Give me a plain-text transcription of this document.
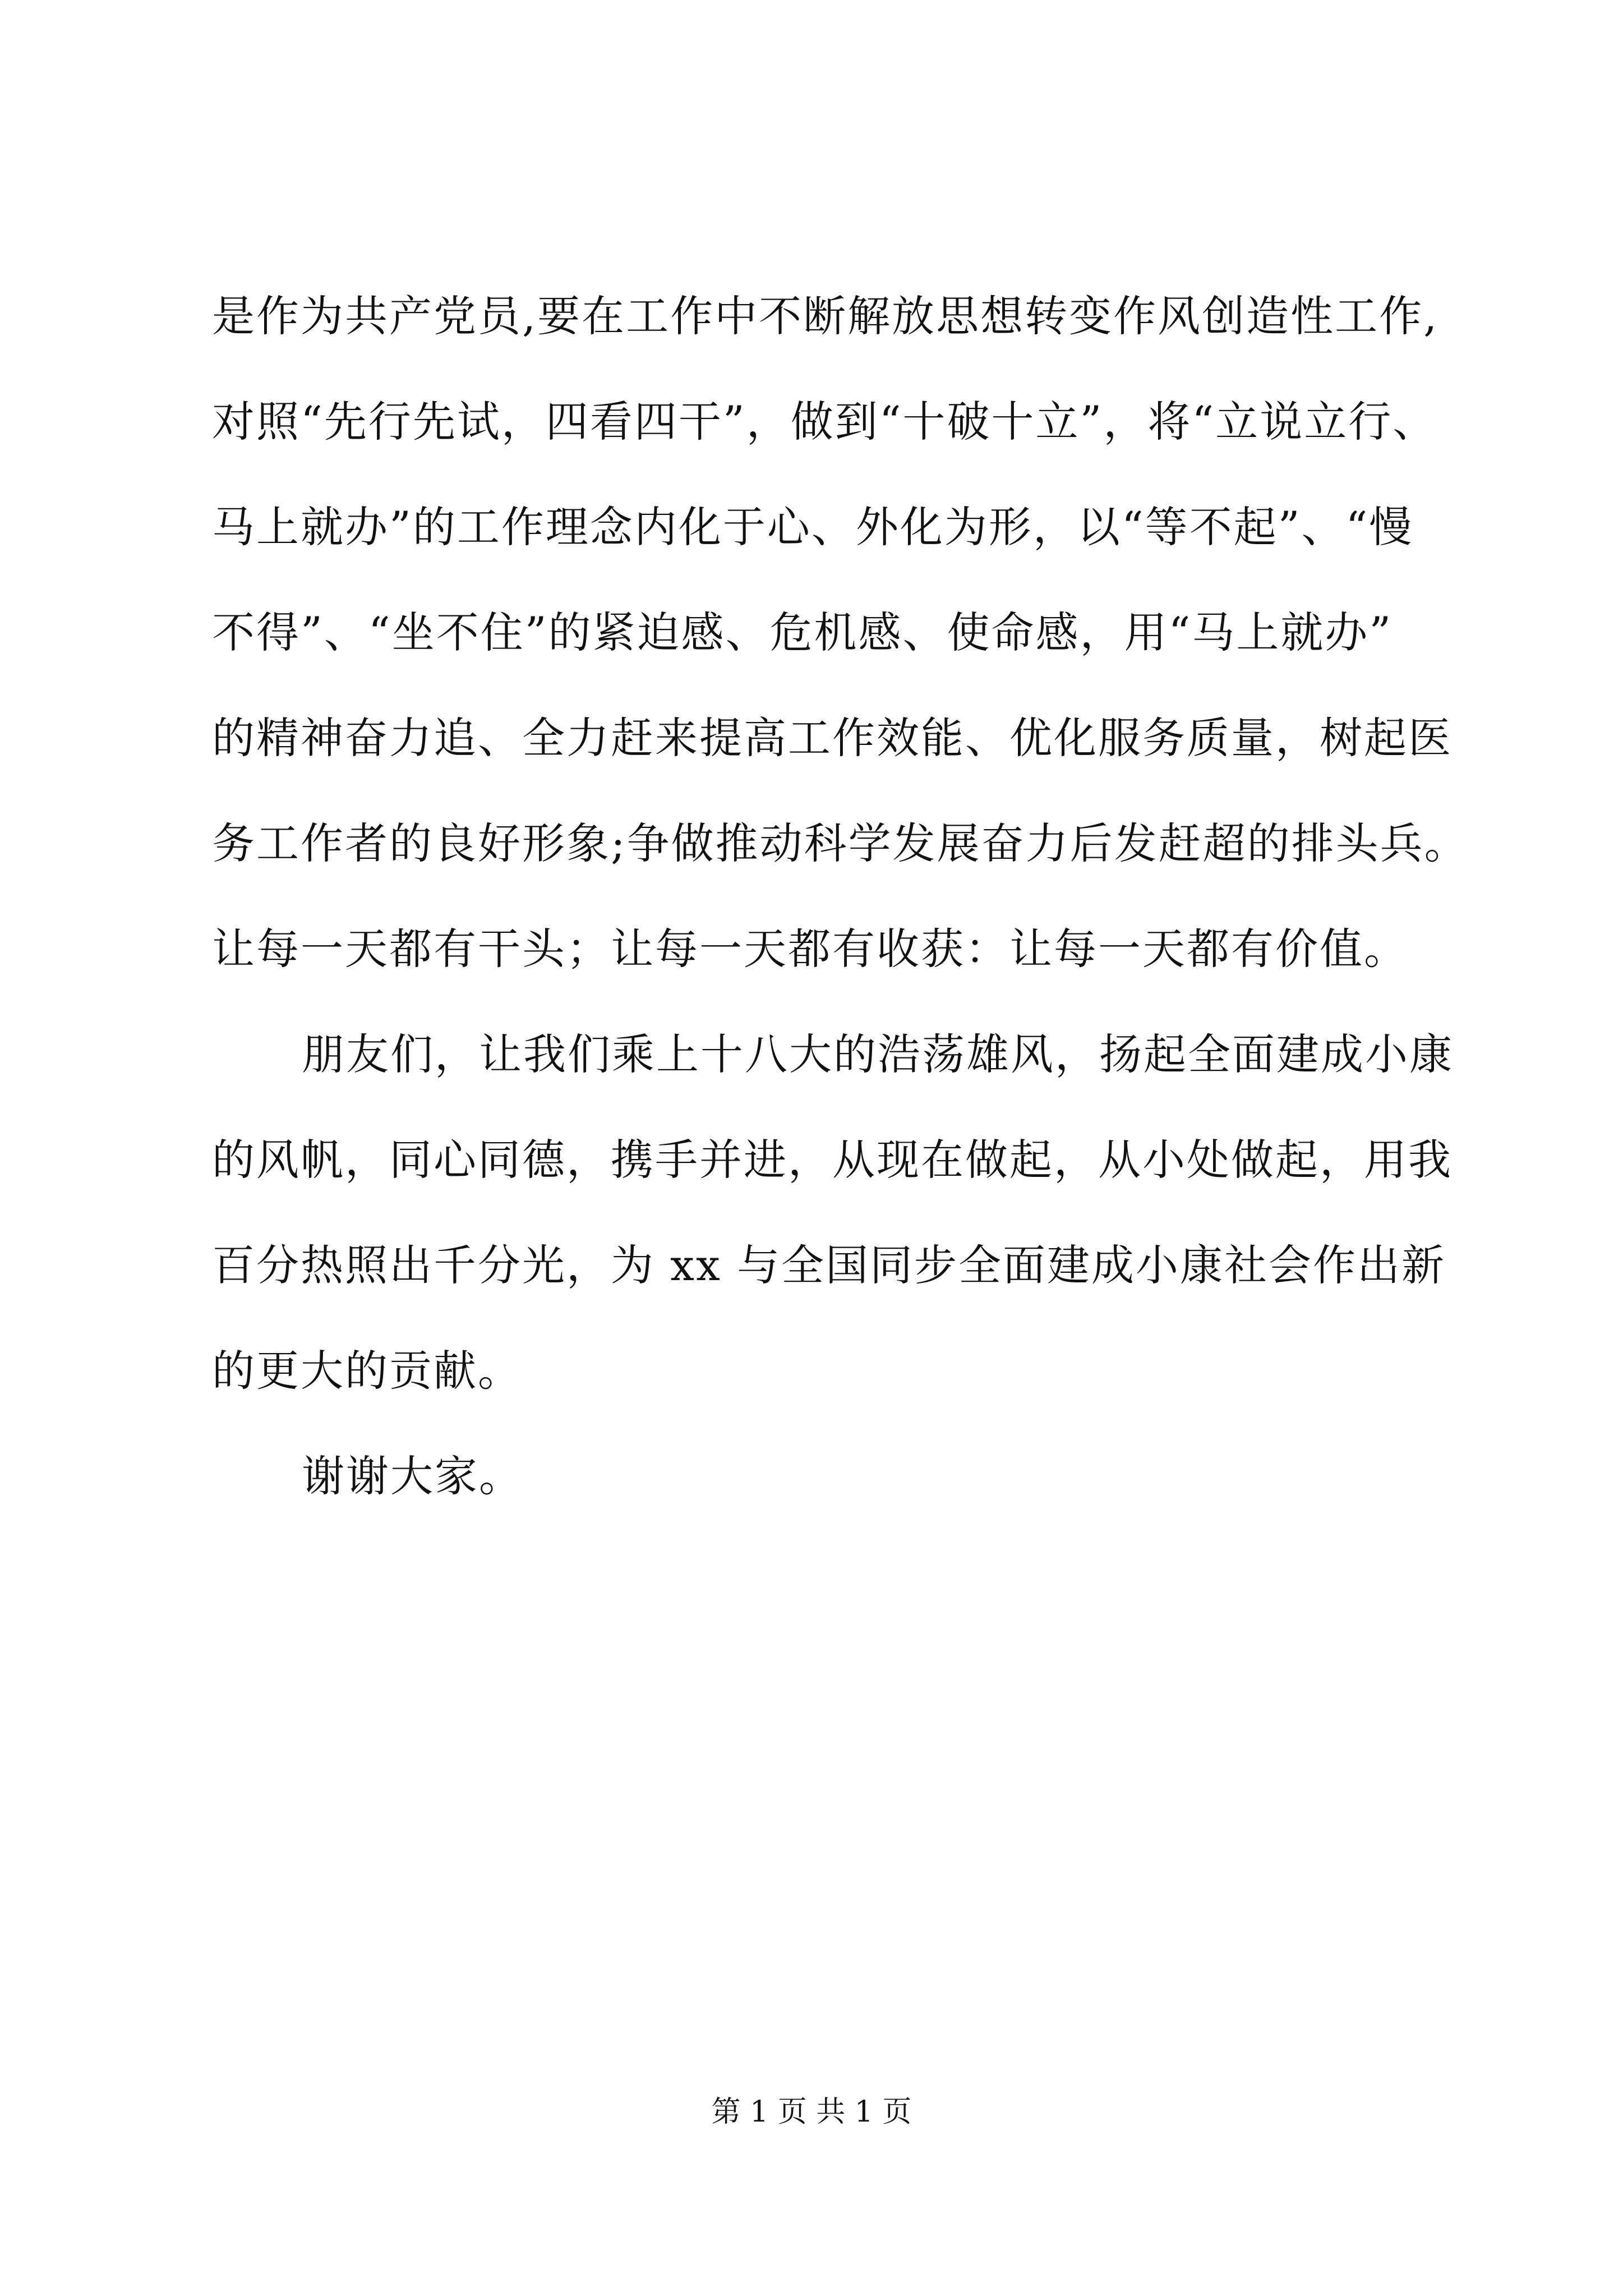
是作为共产党员,要在工作中不断解放思想转变作风创造性工作,
对照“先行先试，四看四干”，做到“十破十立”，将“立说立行、
马上就办”的工作理念内化于心、外化为形，以“等不起”、“慢
不得”、“坐不住”的紧迫感、危机感、使命感，用“马上就办”
的精神奋力追、全力赶来提高工作效能、优化服务质量，树起医
务工作者的良好形象;争做推动科学发展奋力后发赶超的排头兵。
让每一天都有干头；让每一天都有收获：让每一天都有价值。
朋友们，让我们乘上十八大的浩荡雄风，扬起全面建成小康
的风帆，同心同德，携手并进，从现在做起，从小处做起，用我
百分热照出千分光，为 xx 与全国同步全面建成小康社会作出新
的更大的贡献。
谢谢大家。
第 1 页 共 1 页
